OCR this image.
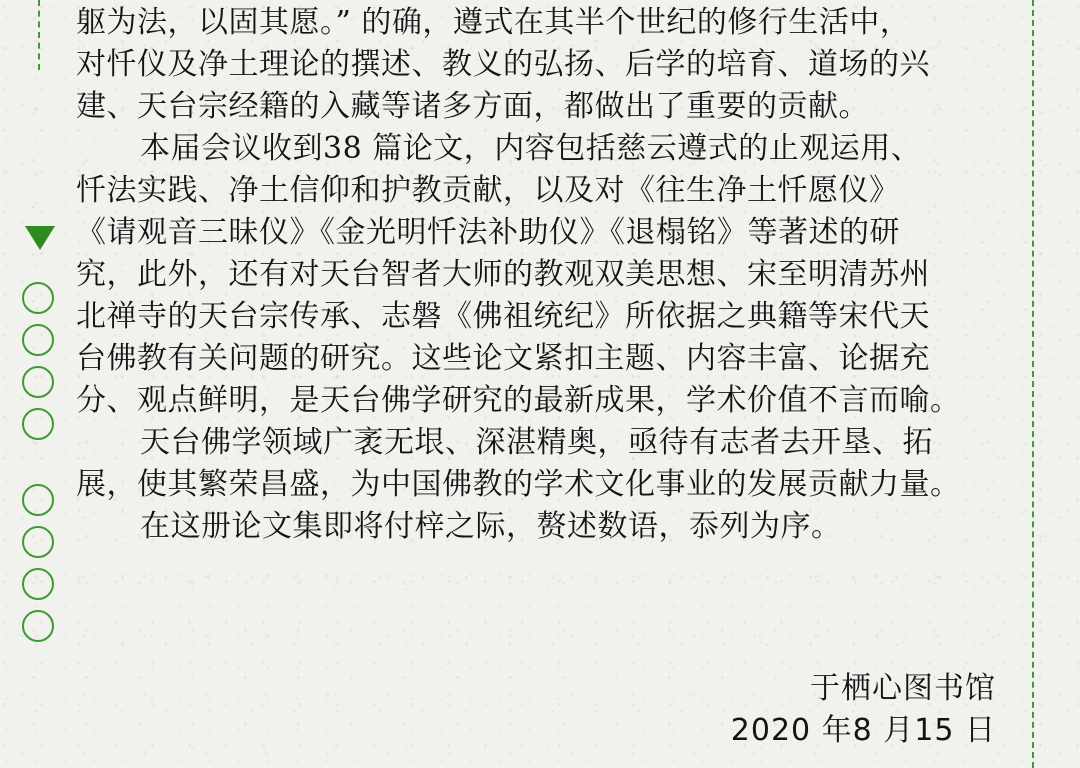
躯为法，以固其愿。” 的确，遵式在其半个世纪的修行生活中，
对忏仪及净土理论的撰述、教义的弘扬、后学的培育、道场的兴
建、天台宗经籍的入藏等诸多方面，都做出了重要的贡献。
本届会议收到38 篇论文，内容包括慈云遵式的止观运用、
忏法实践、净土信仰和护教贡献，以及对《往生净土忏愿仪》
《请观音三昧仪》《金光明忏法补助仪》《退榻铭》等著述的研
究，此外，还有对天台智者大师的教观双美思想、宋至明清苏州
北禅寺的天台宗传承、志磐《佛祖统纪》所依据之典籍等宋代天
台佛教有关问题的研究。这些论文紧扣主题、内容丰富、论据充
分、观点鲜明，是天台佛学研究的最新成果，学术价值不言而喻。
天台佛学领域广袤无垠、深湛精奥，亟待有志者去开垦、拓
展，使其繁荣昌盛，为中国佛教的学术文化事业的发展贡献力量。
在这册论文集即将付梓之际，赘述数语，忝列为序。
于栖心图书馆
2020 年8 月15 日
